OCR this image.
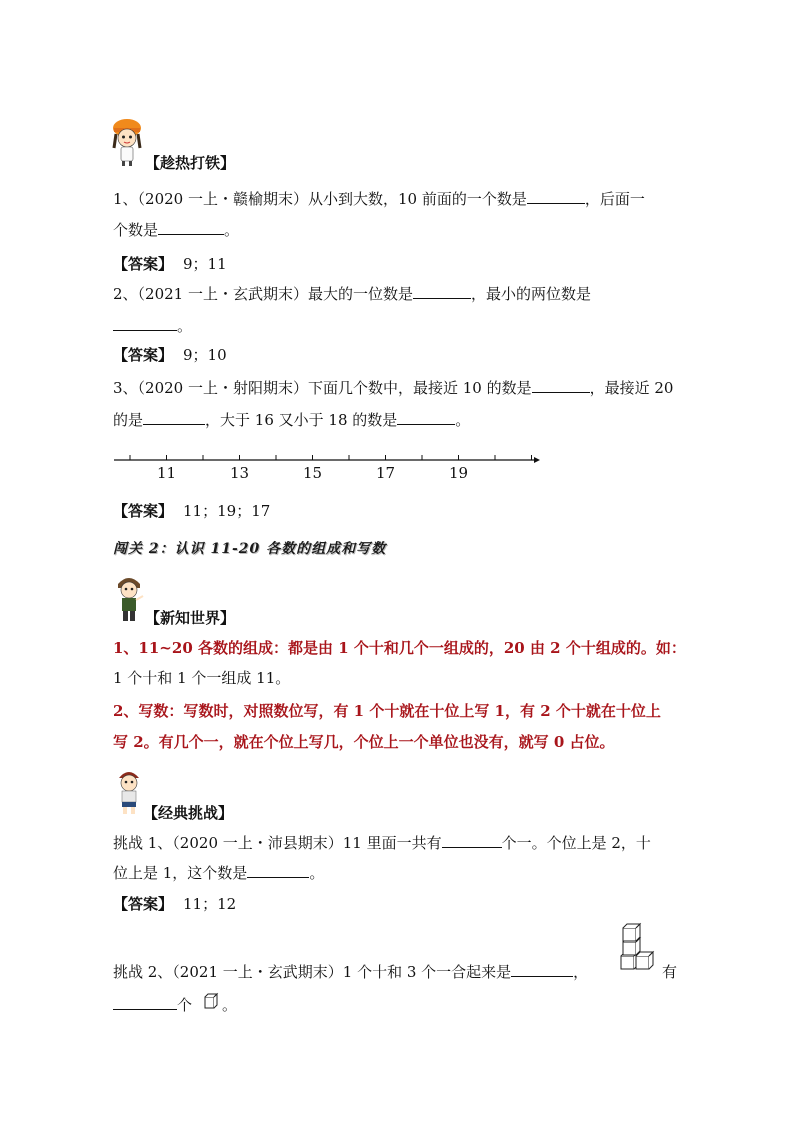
【趁热打铁】
1、（2020 一上・赣榆期末）从小到大数，10 前面的一个数是	，后面一
个数是	。
【答案】 9；11
2、（2021 一上・玄武期末）最大的一位数是	，最小的两位数是
。
【答案】 9；10
3、（2020 一上・射阳期末）下面几个数中，最接近 10 的数是	，最接近 20
的是	，大于 16 又小于 18 的数是	。
11	13	15	17	19
【答案】 11；19；17
闯关 2：认识 11-20 各数的组成和写数
【新知世界】
1、11~20 各数的组成：都是由 1 个十和几个一组成的，20 由 2 个十组成的。如：
1 个十和 1 个一组成 11。
2、写数：写数时，对照数位写，有 1 个十就在十位上写 1，有 2 个十就在十位上
写 2。有几个一，就在个位上写几，个位上一个单位也没有，就写 0 占位。
【经典挑战】
挑战 1、（2020 一上・沛县期末）11 里面一共有	个一。个位上是 2，十
位上是 1，这个数是	。
【答案】 11；12
挑战 2、（2021 一上・玄武期末）1 个十和 3 个一合起来是	，	有
个 。
